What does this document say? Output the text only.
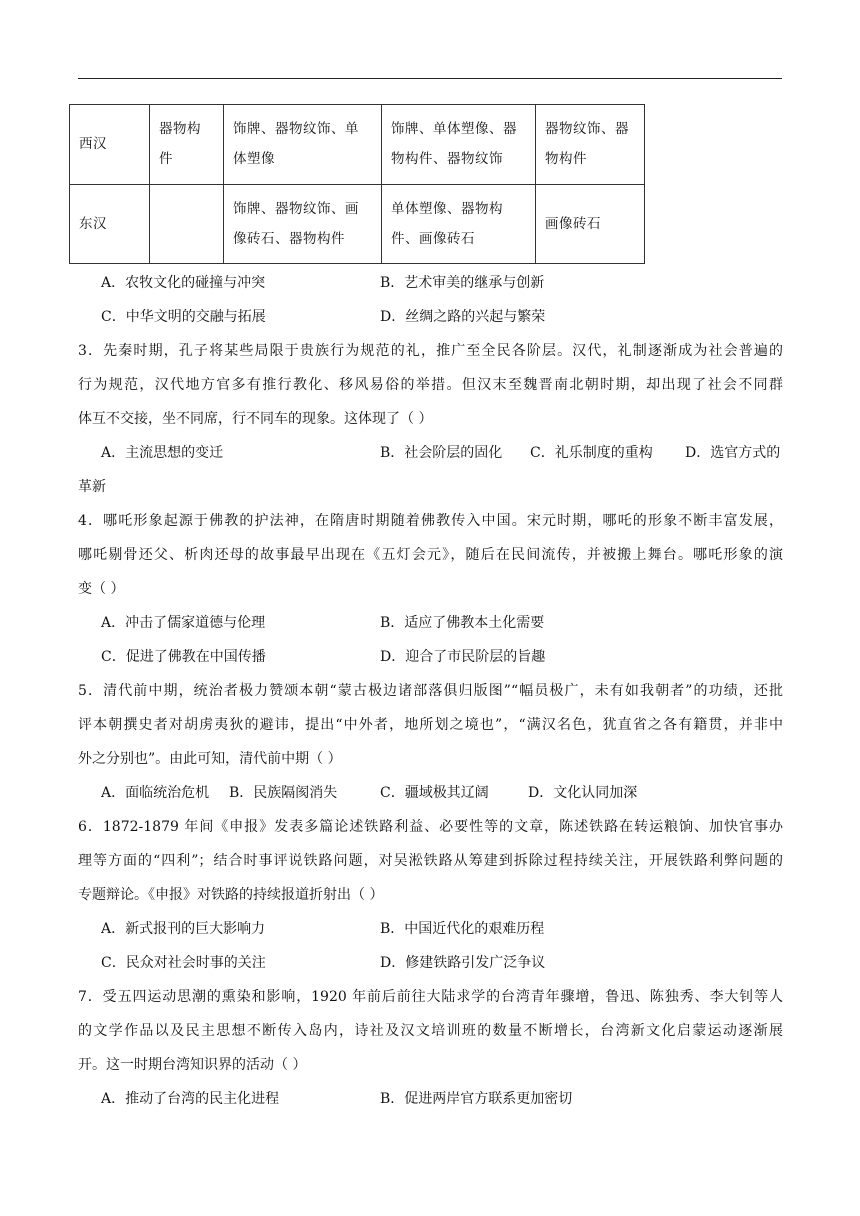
西汉	器物构件	饰牌、器物纹饰、单体塑像	饰牌、单体塑像、器物构件、器物纹饰	器物纹饰、器物构件
东汉		饰牌、器物纹饰、画像砖石、器物构件	单体塑像、器物构件、画像砖石	画像砖石
A．农牧文化的碰撞与冲突	B．艺术审美的继承与创新
C．中华文明的交融与拓展	D．丝绸之路的兴起与繁荣
3．先秦时期，孔子将某些局限于贵族行为规范的礼，推广至全民各阶层。汉代，礼制逐渐成为社会普遍的
行为规范，汉代地方官多有推行教化、移风易俗的举措。但汉末至魏晋南北朝时期，却出现了社会不同群
体互不交接，坐不同席，行不同车的现象。这体现了（ ）
A．主流思想的变迁	B．社会阶层的固化 C．礼乐制度的重构 D．选官方式的
革新
4．哪吒形象起源于佛教的护法神，在隋唐时期随着佛教传入中国。宋元时期，哪吒的形象不断丰富发展，
哪吒剔骨还父、析肉还母的故事最早出现在《五灯会元》，随后在民间流传，并被搬上舞台。哪吒形象的演
变（ ）
A．冲击了儒家道德与伦理	B．适应了佛教本土化需要
C．促进了佛教在中国传播	D．迎合了市民阶层的旨趣
5．清代前中期，统治者极力赞颂本朝“蒙古极边诸部落俱归版图”“幅员极广，未有如我朝者”的功绩，还批
评本朝撰史者对胡虏夷狄的避讳，提出“中外者，地所划之境也”，“满汉名色，犹直省之各有籍贯，并非中
外之分别也”。由此可知，清代前中期（ ）
A．面临统治危机 B．民族隔阂消失	C．疆域极其辽阔	D．文化认同加深
6．1872-1879 年间《申报》发表多篇论述铁路利益、必要性等的文章，陈述铁路在转运粮饷、加快官事办
理等方面的“四利”；结合时事评说铁路问题，对吴淞铁路从筹建到拆除过程持续关注，开展铁路利弊问题的
专题辩论。《申报》对铁路的持续报道折射出（ ）
A．新式报刊的巨大影响力	B．中国近代化的艰难历程
C．民众对社会时事的关注	D．修建铁路引发广泛争议
7．受五四运动思潮的熏染和影响，1920 年前后前往大陆求学的台湾青年骤增，鲁迅、陈独秀、李大钊等人
的文学作品以及民主思想不断传入岛内，诗社及汉文培训班的数量不断增长，台湾新文化启蒙运动逐渐展
开。这一时期台湾知识界的活动（ ）
A．推动了台湾的民主化进程	B．促进两岸官方联系更加密切
